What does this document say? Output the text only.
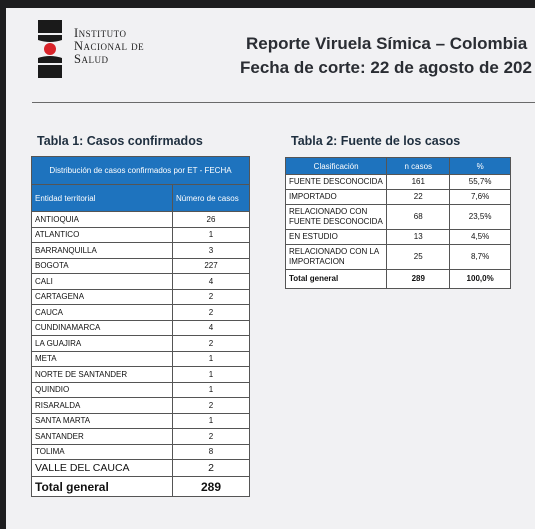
Instituto
Nacional de
Salud
Reporte Viruela Símica – Colombia
Fecha de corte: 22 de agosto de 202
Tabla 1: Casos confirmados	Tabla 2: Fuente de los casos
Distribución de casos confirmados por ET - FECHA	
Entidad territorial	Número de casos
ANTIOQUIA	26
ATLANTICO	1
BARRANQUILLA	3
BOGOTA	227
CALI	4
CARTAGENA	2
CAUCA	2
CUNDINAMARCA	4
LA GUAJIRA	2
META	1
NORTE DE SANTANDER	1
QUINDIO	1
RISARALDA	2
SANTA MARTA	1
SANTANDER	2
TOLIMA	8
VALLE DEL CAUCA	2
Total general	289
Clasificación	n casos	%
FUENTE DESCONOCIDA	161	55,7%
IMPORTADO	22	7,6%
RELACIONADO CON FUENTE DESCONOCIDA	68	23,5%
EN ESTUDIO	13	4,5%
RELACIONADO CON LA IMPORTACION	25	8,7%
Total general	289	100,0%
